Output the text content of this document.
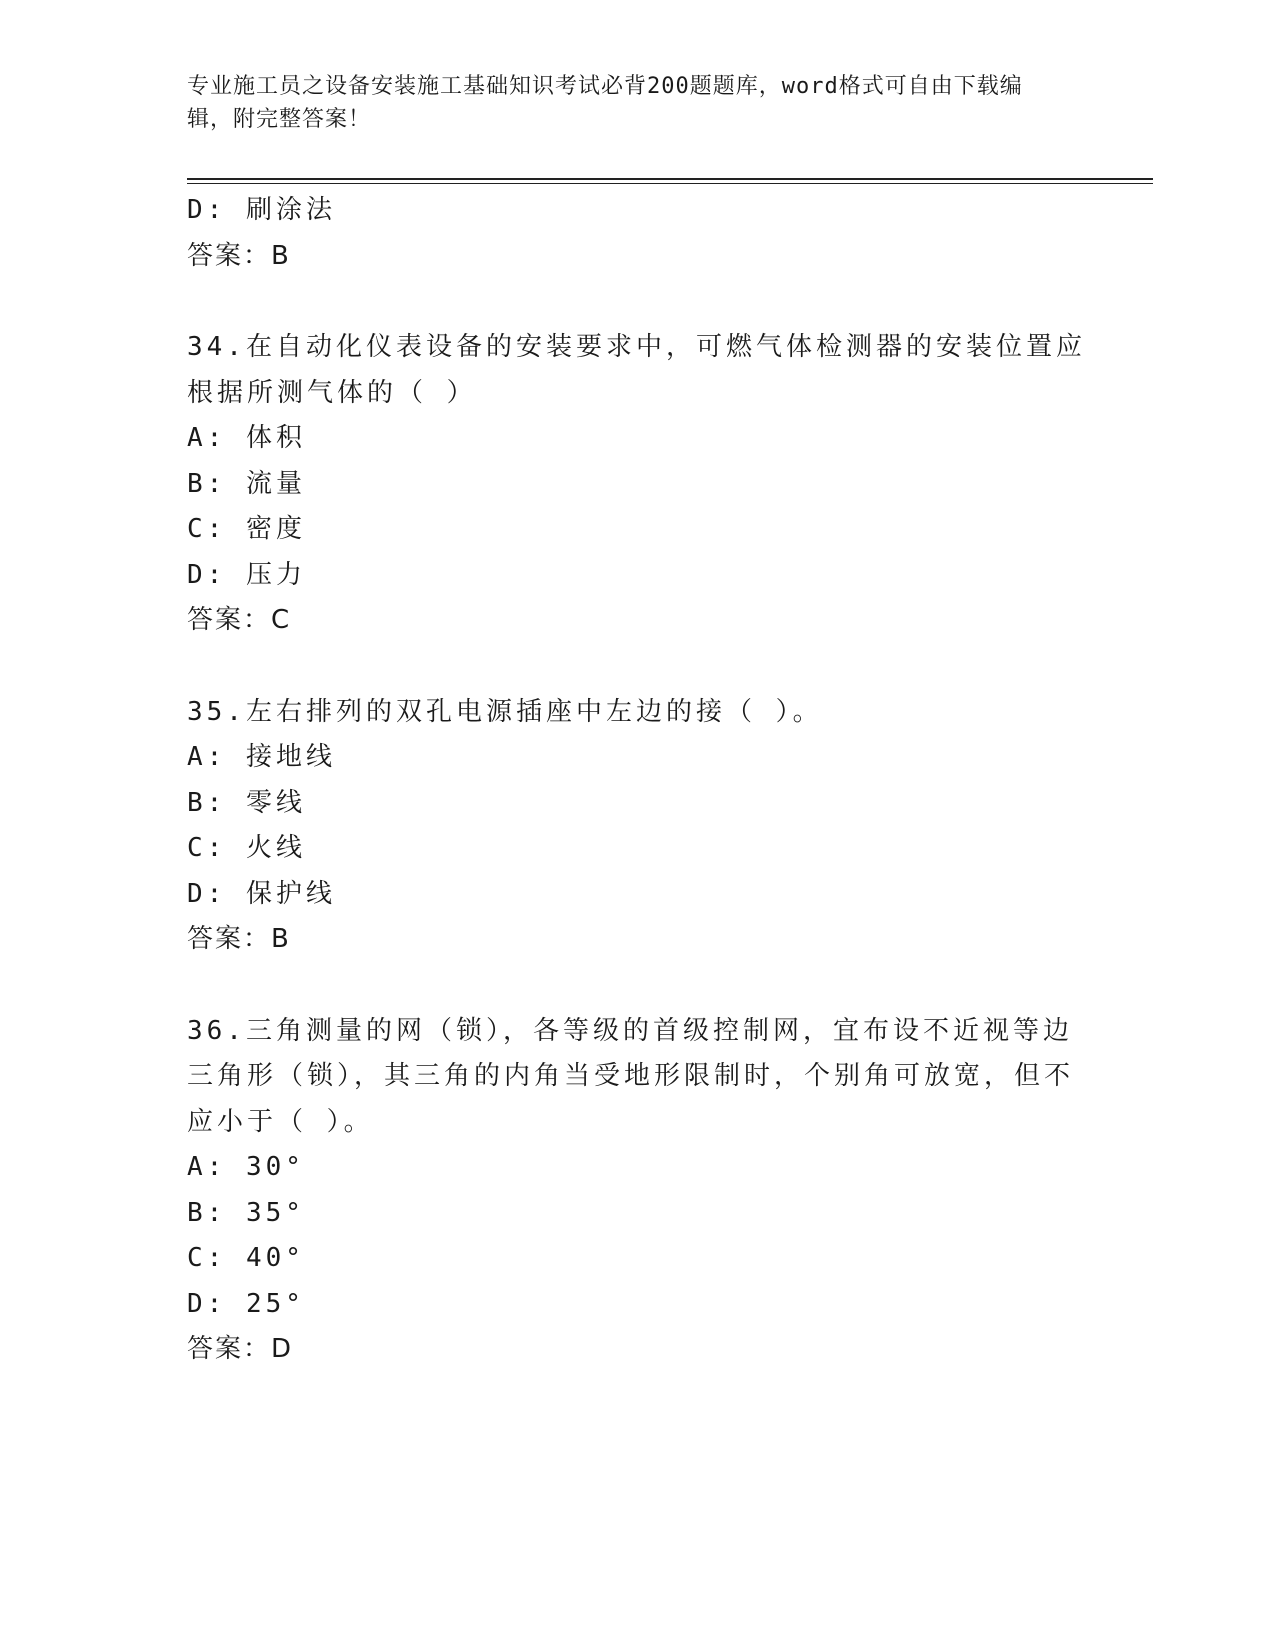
专业施工员之设备安装施工基础知识考试必背200题题库，word格式可自由下载编辑，附完整答案！
D: 刷涂法
答案：B
34.在自动化仪表设备的安装要求中，可燃气体检测器的安装位置应根据所测气体的（ ）
A: 体积
B: 流量
C: 密度
D: 压力
答案：C
35.左右排列的双孔电源插座中左边的接（ ）。
A: 接地线
B: 零线
C: 火线
D: 保护线
答案：B
36.三角测量的网（锁），各等级的首级控制网，宜布设不近视等边三角形（锁），其三角的内角当受地形限制时，个别角可放宽，但不应小于（ ）。
A: 30°
B: 35°
C: 40°
D: 25°
答案：D
